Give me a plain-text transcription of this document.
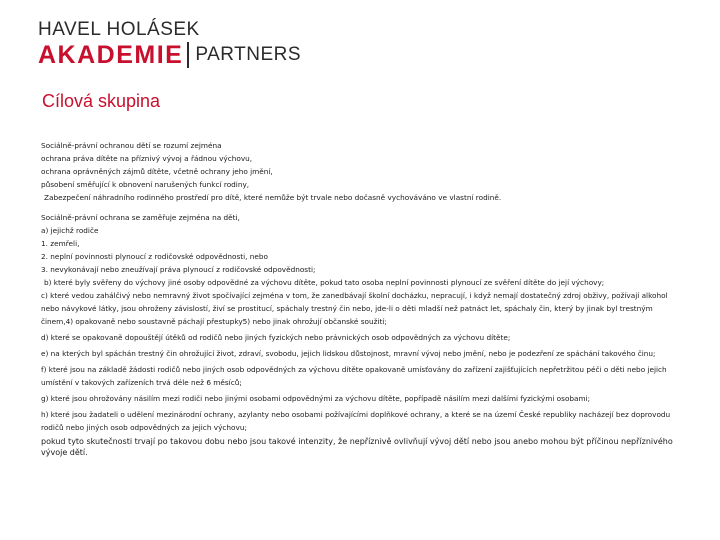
HAVEL HOLÁSEK
AKADEMIE PARTNERS
Cílová skupina
Sociálně-právní ochranou dětí se rozumí zejména
ochrana práva dítěte na příznivý vývoj a řádnou výchovu,
ochrana oprávněných zájmů dítěte, včetně ochrany jeho jmění,
působení směřující k obnovení narušených funkcí rodiny,
Zabezpečení náhradního rodinného prostředí pro dítě, které nemůže být trvale nebo dočasně vychováváno ve vlastní rodině.
Sociálně-právní ochrana se zaměřuje zejména na děti,
a) jejichž rodiče
1. zemřeli,
2. neplní povinnosti plynoucí z rodičovské odpovědnosti, nebo
3. nevykonávají nebo zneužívají práva plynoucí z rodičovské odpovědnosti;
b) které byly svěřeny do výchovy jiné osoby odpovědné za výchovu dítěte, pokud tato osoba neplní povinnosti plynoucí ze svěření dítěte do její výchovy;
c) které vedou zahálčivý nebo nemravný život spočívající zejména v tom, že zanedbávají školní docházku, nepracují, i když nemají dostatečný zdroj obživy, požívají alkohol nebo návykové látky, jsou ohroženy závislostí, živí se prostitucí, spáchaly trestný čin nebo, jde-li o děti mladší než patnáct let, spáchaly čin, který by jinak byl trestným činem,4) opakovaně nebo soustavně páchají přestupky5) nebo jinak ohrožují občanské soužití;
d) které se opakovaně dopouštějí útěků od rodičů nebo jiných fyzických nebo právnických osob odpovědných za výchovu dítěte;
e) na kterých byl spáchán trestný čin ohrožující život, zdraví, svobodu, jejich lidskou důstojnost, mravní vývoj nebo jmění, nebo je podezření ze spáchání takového činu;
f) které jsou na základě žádosti rodičů nebo jiných osob odpovědných za výchovu dítěte opakovaně umísťovány do zařízení zajišťujících nepřetržitou péči o děti nebo jejich umístění v takových zařízeních trvá déle než 6 měsíců;
g) které jsou ohrožovány násilím mezi rodiči nebo jinými osobami odpovědnými za výchovu dítěte, popřípadě násilím mezi dalšími fyzickými osobami;
h) které jsou žadateli o udělení mezinárodní ochrany, azylanty nebo osobami požívajícími doplňkové ochrany, a které se na území České republiky nacházejí bez doprovodu rodičů nebo jiných osob odpovědných za jejich výchovu;
pokud tyto skutečnosti trvají po takovou dobu nebo jsou takové intenzity, že nepříznivě ovlivňují vývoj dětí nebo jsou anebo mohou být příčinou nepříznivého vývoje dětí.
